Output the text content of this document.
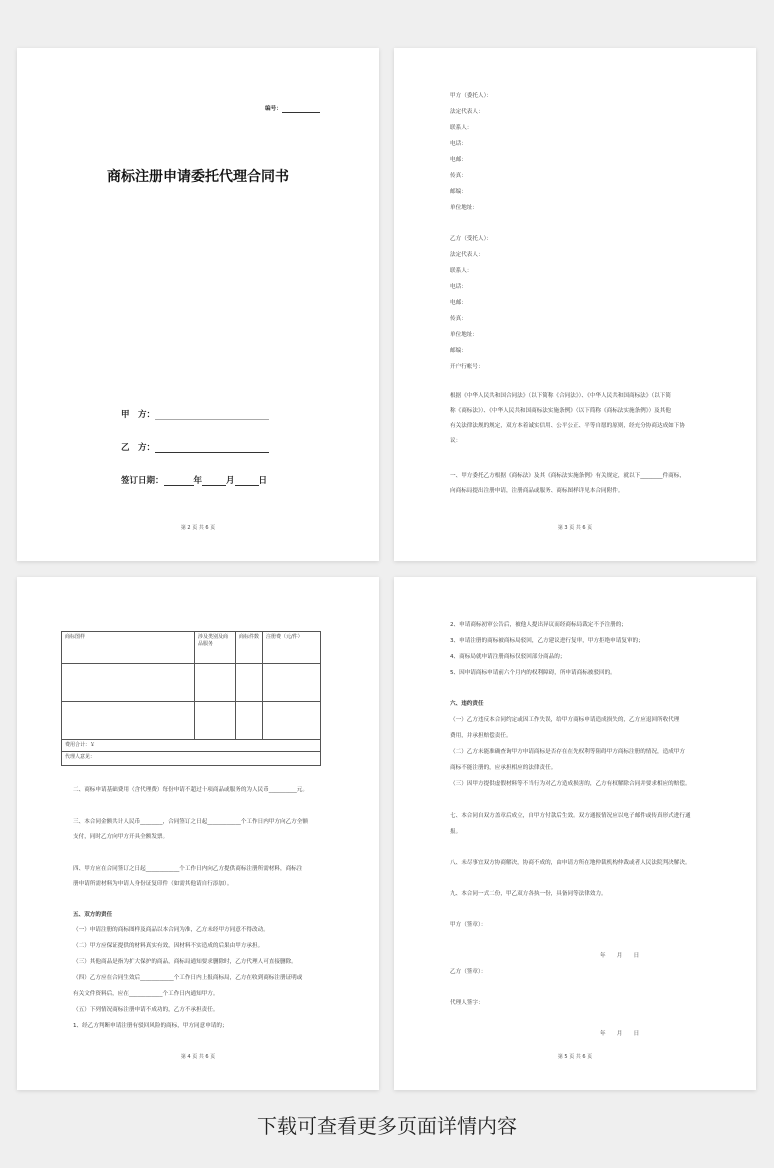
编号：
商标注册申请委托代理合同书
甲　方：
乙　方：
签订日期：	年	月	日
第 2 页 共 6 页
甲方（委托人）：
法定代表人：
联系人：
电话：
电邮：
传真：
邮编：
单位地址：
乙方（受托人）：
法定代表人：
联系人：
电话：
电邮：
传真：
单位地址：
邮编：
开户行帐号：
根据《中华人民共和国合同法》（以下简称《合同法》）、《中华人民共和国商标法》（以下简
称《商标法》）、《中华人民共和国商标法实施条例》（以下简称《商标法实施条例》）及其他
有关法律法规的规定，双方本着诚实信用、公平公正、平等自愿的原则，经充分协商达成如下协
议：
一、甲方委托乙方根据《商标法》及其《商标法实施条例》有关规定，就以下________件商标，
向商标局提出注册申请，注册商品或服务、商标图样详见本合同附件。
第 3 页 共 6 页
商标图样	涉及类别及商品服务	商标件数	注册费（元/件）

费用合计：￥			
代理人意见：			
二、商标申请基础费用（含代理费）每份申请不超过十项商品或服务的为人民币__________元。
三、本合同金额共计人民币________，合同签订之日起____________个工作日内甲方向乙方全额
支付，同时乙方向甲方开具全额发票。
四、甲方应在合同签订之日起____________个工作日内向乙方提供商标注册所需材料，商标注
册申请所需材料为申请人身份证复印件（如需其他请自行添加）。
五、双方的责任
（一）申请注册的商标图样及商品以本合同为准，乙方未经甲方同意不得改动。
（二）甲方应保证提供的材料真实有效，因材料不实造成的后果由甲方承担。
（三）其他商品是指为扩大保护的商品，商标局通知要求删除时，乙方代理人可直接删除。
（四）乙方应在合同生效后____________个工作日内上报商标局，乙方在收到商标注册证明或
有关文件资料后，应在____________个工作日内通知甲方。
（五）下列情况商标注册申请不成功的，乙方不承担责任。
1、经乙方判断申请注册有驳回风险的商标，甲方同意申请的；
第 4 页 共 6 页
2、申请商标初审公告后，被他人提出异议而经商标局裁定不予注册的；
3、申请注册的商标被商标局驳回，乙方建议进行复审，甲方拒绝申请复审的；
4、商标局就申请注册商标仅驳回部分商品的；
5、因申请商标申请前六个月内的权利障碍，所申请商标被驳回的。
六、违约责任
（一）乙方违反本合同约定或因工作失误，给甲方商标申请造成损失的，乙方应退回所收代理
费用，并承担赔偿责任。
（二）乙方未能准确查询甲方申请商标是否存在在先权利等阻碍甲方商标注册的情况，造成甲方
商标不能注册的，应承担相应的法律责任。
（三）因甲方提供虚假材料等不当行为对乙方造成损害的，乙方有权解除合同并要求相应的赔偿。
七、本合同自双方盖章后成立，自甲方付款后生效。双方通报情况应以电子邮件或传真形式进行通
报。
八、未尽事宜双方协商解决，协商不成的，由申请方所在地仲裁机构仲裁或者人民法院判决解决。
九、本合同一式二份，甲乙双方各执一份，具备同等法律效力。
甲方（签章）：
年　　月　　日
乙方（签章）：
代理人签字：
年　　月　　日
第 5 页 共 6 页
下载可查看更多页面详情内容
